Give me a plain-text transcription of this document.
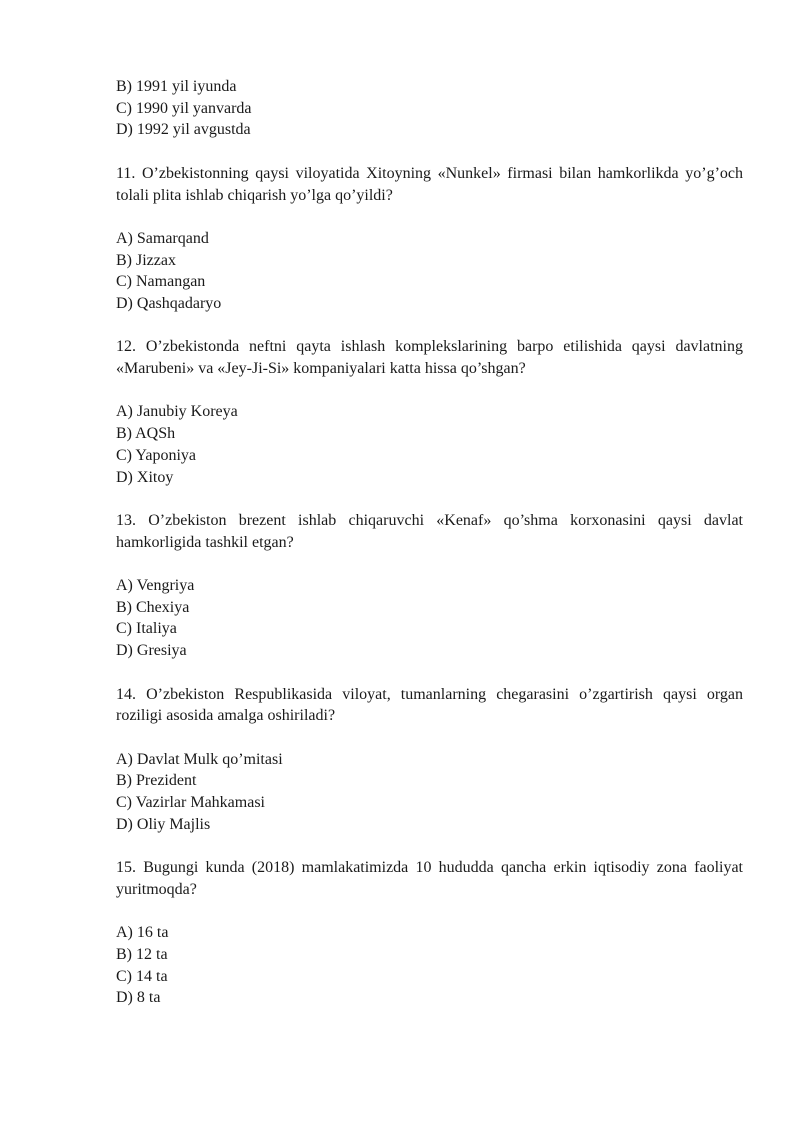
B) 1991 yil iyunda
C) 1990 yil yanvarda
D) 1992 yil avgustda

11. O’zbekistonning qaysi viloyatida Xitoyning «Nunkel» firmasi bilan hamkorlikda yo’g’och tolali plita ishlab chiqarish yo’lga qo’yildi?

A) Samarqand
B) Jizzax
C) Namangan
D) Qashqadaryo

12. O’zbekistonda neftni qayta ishlash komplekslarining barpo etilishida qaysi davlatning «Marubeni» va «Jey-Ji-Si» kompaniyalari katta hissa qo’shgan?

A) Janubiy Koreya
B) AQSh
C) Yaponiya
D) Xitoy

13. O’zbekiston brezent ishlab chiqaruvchi «Kenaf» qo’shma korxonasini qaysi davlat hamkorligida tashkil etgan?

A) Vengriya
B) Chexiya
C) Italiya
D) Gresiya

14. O’zbekiston Respublikasida viloyat, tumanlarning chegarasini o’zgartirish qaysi organ roziligi asosida amalga oshiriladi?

A) Davlat Mulk qo’mitasi
B) Prezident
C) Vazirlar Mahkamasi
D) Oliy Majlis

15. Bugungi kunda (2018) mamlakatimizda 10 hududda qancha erkin iqtisodiy zona faoliyat yuritmoqda?

A) 16 ta
B) 12 ta
C) 14 ta
D) 8 ta
